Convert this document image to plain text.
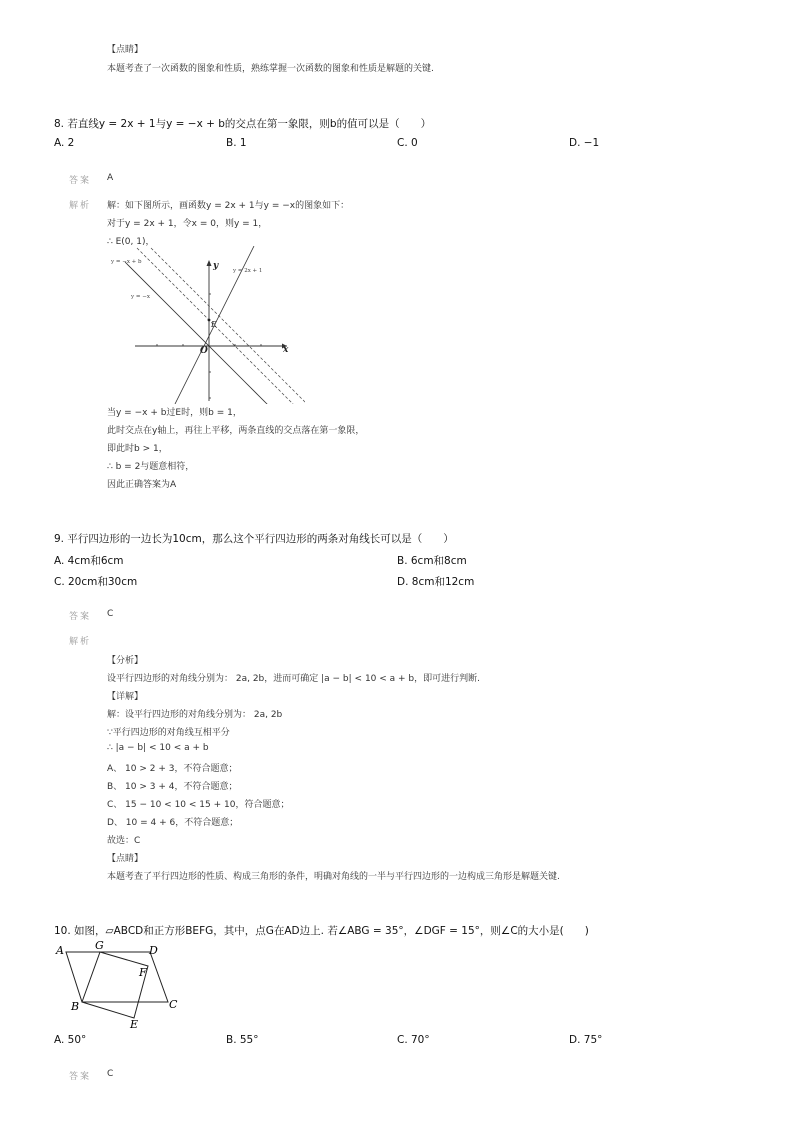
【点睛】
本题考查了一次函数的图象和性质，熟练掌握一次函数的图象和性质是解题的关键.
8. 若直线y = 2x + 1与y = −x + b的交点在第一象限，则b的值可以是（　　）
A. 2	B. 1	C. 0	D. −1
答案 A
解析 解：如下图所示，画函数y = 2x + 1与y = −x的图象如下：
对于y = 2x + 1，令x = 0，则y = 1，
∴ E(0, 1)，
y = −x + b
y = 2x + 1
y = −x
y
x
O
E
当y = −x + b过E时，则b = 1，
此时交点在y轴上，再往上平移，两条直线的交点落在第一象限，
即此时b > 1，
∴ b = 2与题意相符，
因此正确答案为A
9. 平行四边形的一边长为10cm，那么这个平行四边形的两条对角线长可以是（　　）
A. 4cm和6cm	B. 6cm和8cm
C. 20cm和30cm	D. 8cm和12cm
答案 C
解析
【分析】
设平行四边形的对角线分别为： 2a, 2b，进而可确定 |a − b| < 10 < a + b，即可进行判断.
【详解】
解：设平行四边形的对角线分别为： 2a, 2b
∵平行四边形的对角线互相平分
∴ |a − b| < 10 < a + b
A、 10 > 2 + 3，不符合题意；
B、 10 > 3 + 4，不符合题意；
C、 15 − 10 < 10 < 15 + 10，符合题意；
D、 10 = 4 + 6，不符合题意；
故选：C
【点睛】
本题考查了平行四边形的性质、构成三角形的条件，明确对角线的一半与平行四边形的一边构成三角形是解题关键.
10. 如图，▱ABCD和正方形BEFG，其中，点G在AD边上. 若∠ABG = 35°，∠DGF = 15°，则∠C的大小是(　　)
A	G	D
F
B	C
E
A. 50°	B. 55°	C. 70°	D. 75°
答案 C
